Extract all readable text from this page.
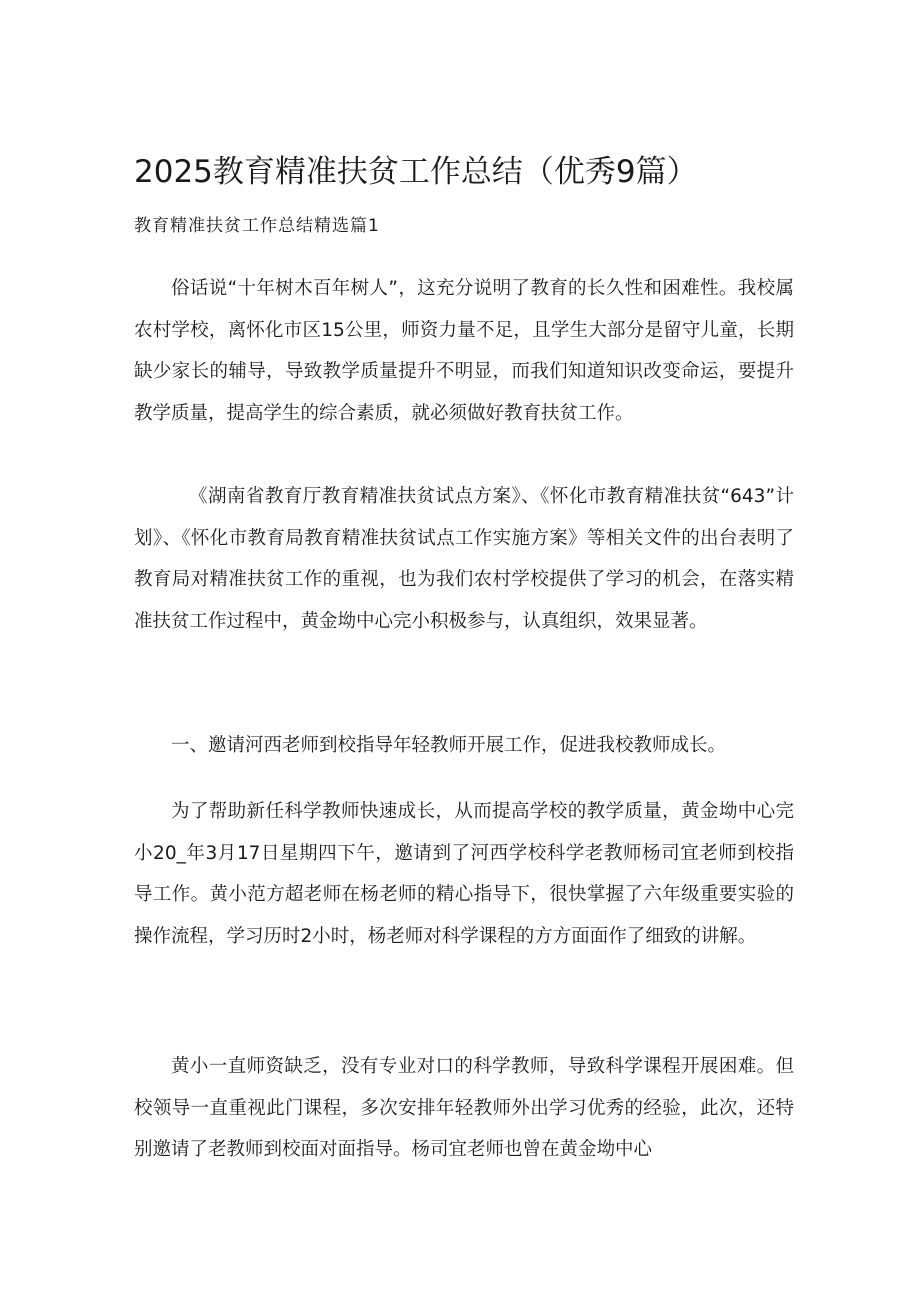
2025教育精准扶贫工作总结（优秀9篇）

教育精准扶贫工作总结精选篇1

俗话说“十年树木百年树人”，这充分说明了教育的长久性和困难性。我校属农村学校，离怀化市区15公里，师资力量不足，且学生大部分是留守儿童，长期缺少家长的辅导，导致教学质量提升不明显，而我们知道知识改变命运，要提升教学质量，提高学生的综合素质，就必须做好教育扶贫工作。

《湖南省教育厅教育精准扶贫试点方案》、《怀化市教育精准扶贫“643”计划》、《怀化市教育局教育精准扶贫试点工作实施方案》等相关文件的出台表明了教育局对精准扶贫工作的重视，也为我们农村学校提供了学习的机会，在落实精准扶贫工作过程中，黄金坳中心完小积极参与，认真组织，效果显著。

一、邀请河西老师到校指导年轻教师开展工作，促进我校教师成长。

为了帮助新任科学教师快速成长，从而提高学校的教学质量，黄金坳中心完小20_年3月17日星期四下午，邀请到了河西学校科学老教师杨司宜老师到校指导工作。黄小范方超老师在杨老师的精心指导下，很快掌握了六年级重要实验的操作流程，学习历时2小时，杨老师对科学课程的方方面面作了细致的讲解。

黄小一直师资缺乏，没有专业对口的科学教师，导致科学课程开展困难。但校领导一直重视此门课程，多次安排年轻教师外出学习优秀的经验，此次，还特别邀请了老教师到校面对面指导。杨司宜老师也曾在黄金坳中心
